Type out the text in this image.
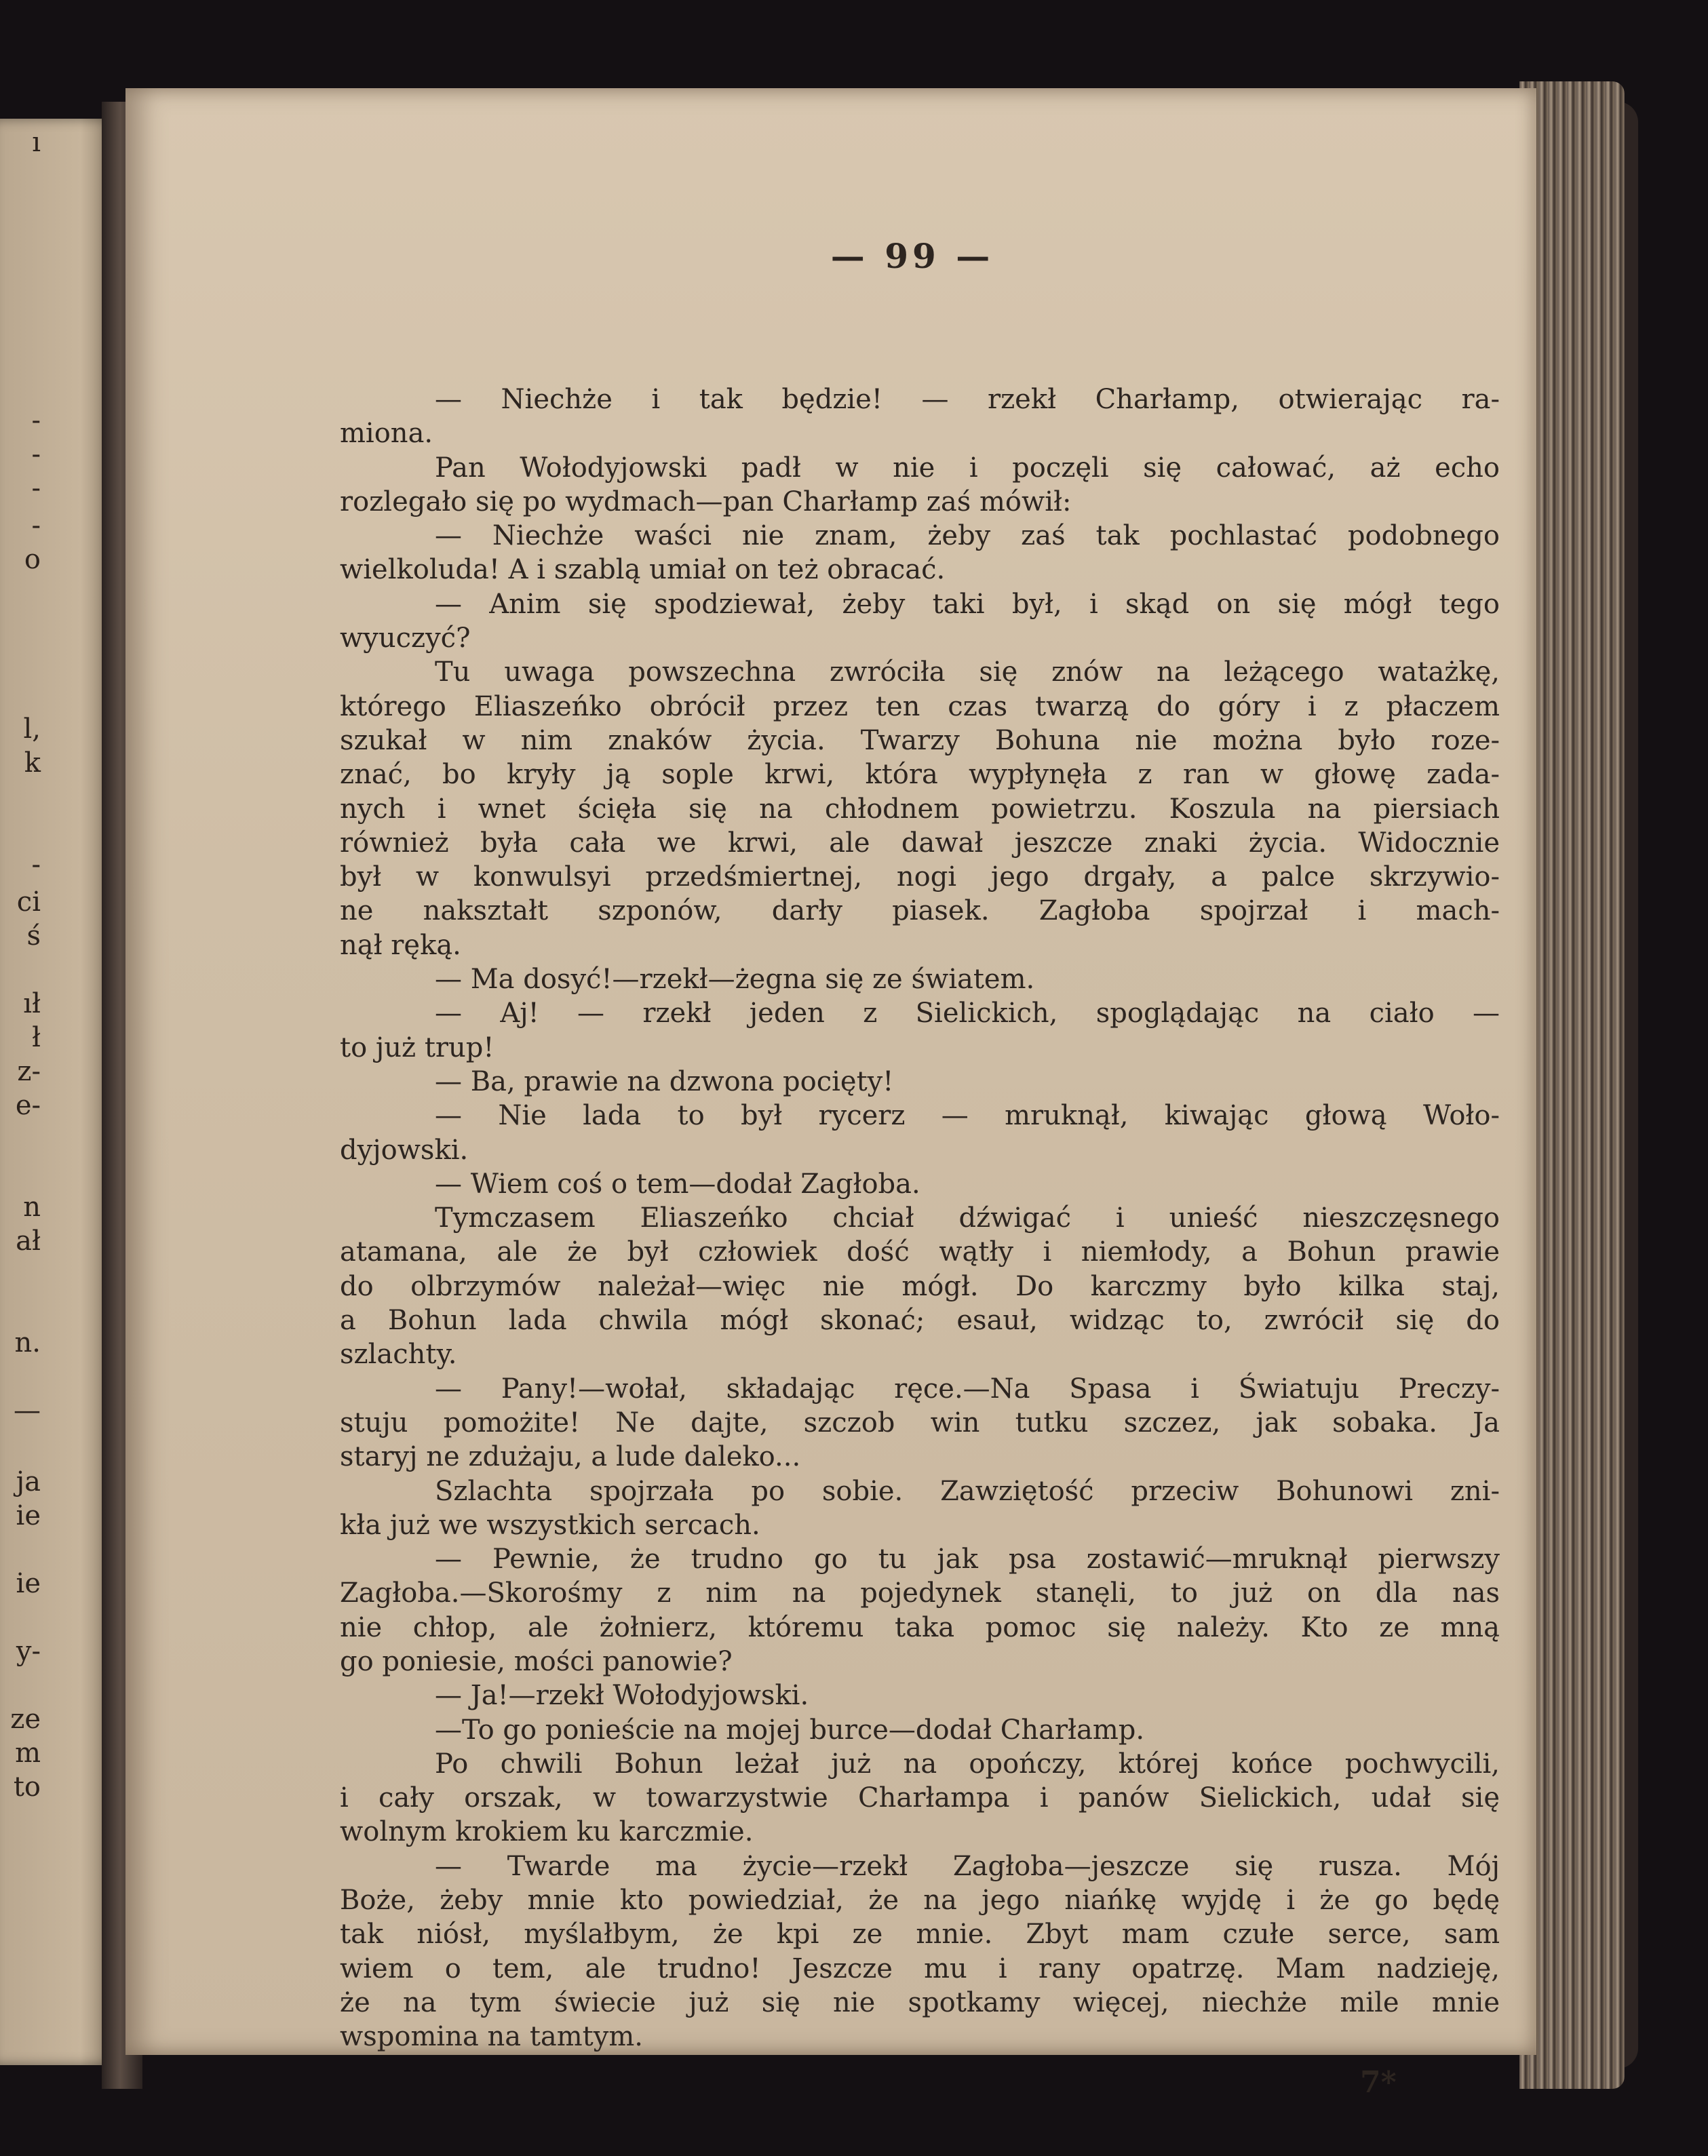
ı
-
-
-
-
o
l,
k
-
ci
ś
ıł
ł
z-
e-
n
ał
n.
—
ja
ie
ie
y-
ze
m
to
— 99 —
— Niechże i tak będzie! — rzekł Charłamp, otwierając ra-
miona.
Pan Wołodyjowski padł w nie i poczęli się całować, aż echo
rozlegało się po wydmach—pan Charłamp zaś mówił:
— Niechże waści nie znam, żeby zaś tak pochlastać podobnego
wielkoluda! A i szablą umiał on też obracać.
— Anim się spodziewał, żeby taki był, i skąd on się mógł tego
wyuczyć?
Tu uwaga powszechna zwróciła się znów na leżącego watażkę,
którego Eliaszeńko obrócił przez ten czas twarzą do góry i z płaczem
szukał w nim znaków życia. Twarzy Bohuna nie można było roze-
znać, bo kryły ją sople krwi, która wypłynęła z ran w głowę zada-
nych i wnet ścięła się na chłodnem powietrzu. Koszula na piersiach
również była cała we krwi, ale dawał jeszcze znaki życia. Widocznie
był w konwulsyi przedśmiertnej, nogi jego drgały, a palce skrzywio-
ne nakształt szponów, darły piasek. Zagłoba spojrzał i mach-
nął ręką.
— Ma dosyć!—rzekł—żegna się ze światem.
— Aj! — rzekł jeden z Sielickich, spoglądając na ciało —
to już trup!
— Ba, prawie na dzwona pocięty!
— Nie lada to był rycerz — mruknął, kiwając głową Woło-
dyjowski.
— Wiem coś o tem—dodał Zagłoba.
Tymczasem Eliaszeńko chciał dźwigać i unieść nieszczęsnego
atamana, ale że był człowiek dość wątły i niemłody, a Bohun prawie
do olbrzymów należał—więc nie mógł. Do karczmy było kilka staj,
a Bohun lada chwila mógł skonać; esauł, widząc to, zwrócił się do
szlachty.
— Pany!—wołał, składając ręce.—Na Spasa i Światuju Preczy-
stuju pomożite! Ne dajte, szczob win tutku szczez, jak sobaka. Ja
staryj ne zdużaju, a lude daleko...
Szlachta spojrzała po sobie. Zawziętość przeciw Bohunowi zni-
kła już we wszystkich sercach.
— Pewnie, że trudno go tu jak psa zostawić—mruknął pierwszy
Zagłoba.—Skorośmy z nim na pojedynek stanęli, to już on dla nas
nie chłop, ale żołnierz, któremu taka pomoc się należy. Kto ze mną
go poniesie, mości panowie?
— Ja!—rzekł Wołodyjowski.
—To go ponieście na mojej burce—dodał Charłamp.
Po chwili Bohun leżał już na opończy, której końce pochwycili,
i cały orszak, w towarzystwie Charłampa i panów Sielickich, udał się
wolnym krokiem ku karczmie.
— Twarde ma życie—rzekł Zagłoba—jeszcze się rusza. Mój
Boże, żeby mnie kto powiedział, że na jego niańkę wyjdę i że go będę
tak niósł, myślałbym, że kpi ze mnie. Zbyt mam czułe serce, sam
wiem o tem, ale trudno! Jeszcze mu i rany opatrzę. Mam nadzieję,
że na tym świecie już się nie spotkamy więcej, niechże mile mnie
wspomina na tamtym.
7*
